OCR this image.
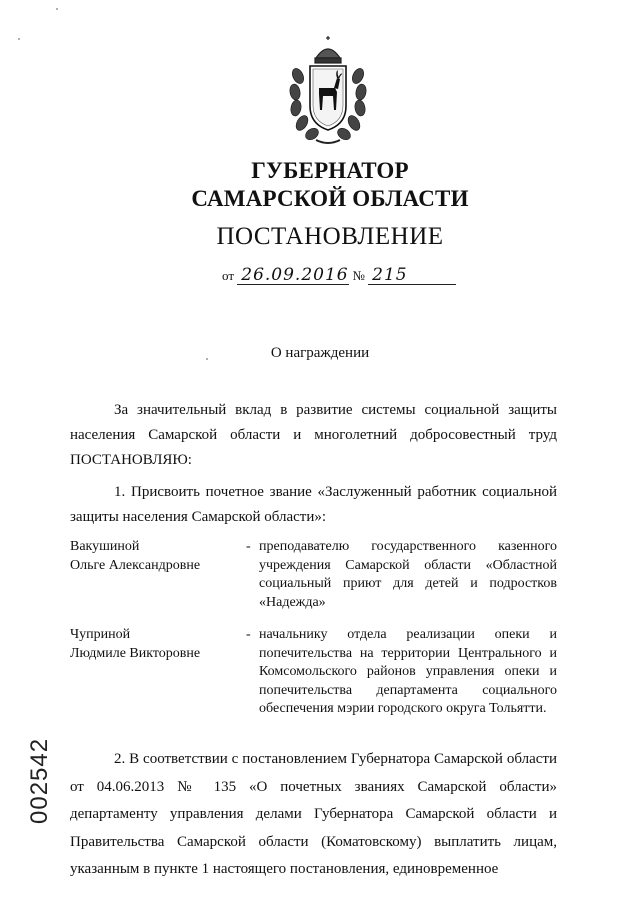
ГУБЕРНАТОР
САМАРСКОЙ ОБЛАСТИ
ПОСТАНОВЛЕНИЕ
от 26.09.2016 № 215
О награждении
За значительный вклад в развитие системы социальной защиты населения Самарской области и многолетний добросовестный труд ПОСТАНОВЛЯЮ:
1. Присвоить почетное звание «Заслуженный работник социальной защиты населения Самарской области»:
Вакушиной
Ольге Александровне
- преподавателю государственного казенного учреждения Самарской области «Областной социальный приют для детей и подростков «Надежда»
Чуприной
Людмиле Викторовне
- начальнику отдела реализации опеки и попечительства на территории Центрального и Комсомольского районов управления опеки и попечительства департамента социального обеспечения мэрии городского округа Тольятти.
2. В соответствии с постановлением Губернатора Самарской области от 04.06.2013 № 135 «О почетных званиях Самарской области» департаменту управления делами Губернатора Самарской области и Правительства Самарской области (Коматовскому) выплатить лицам, указанным в пункте 1 настоящего постановления, единовременное
002542
